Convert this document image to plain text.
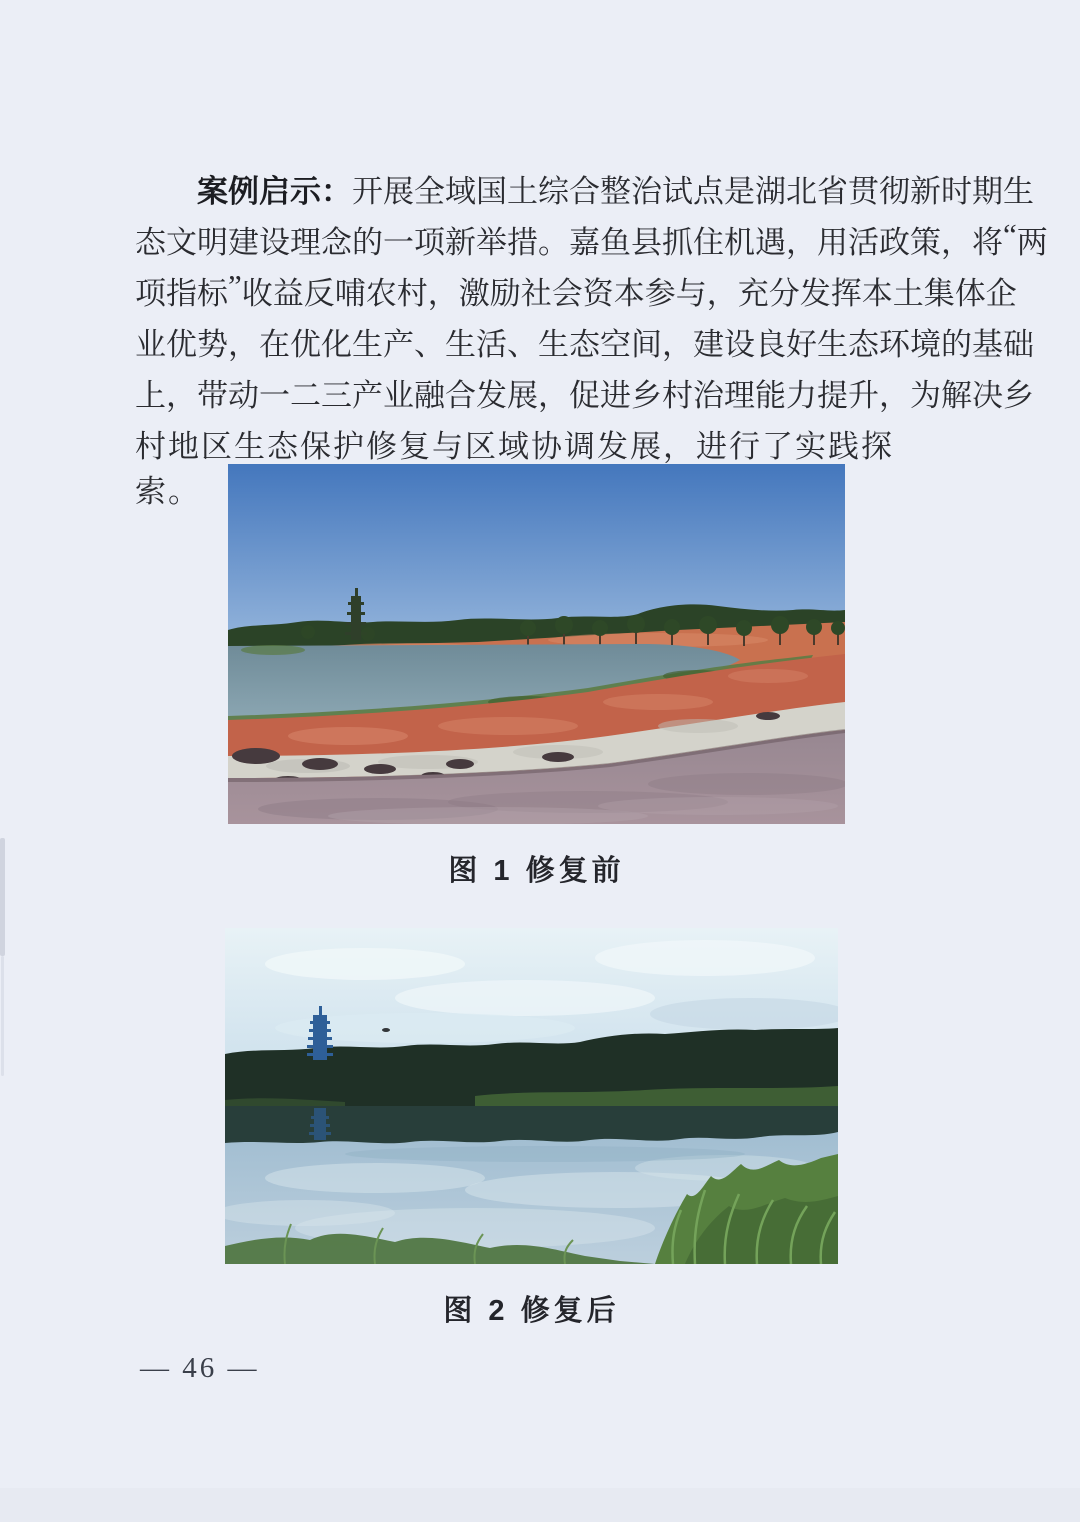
案 例 启 示 ： 开 展 全 域 国 土 综 合 整 治 试 点 是 湖 北 省 贯 彻 新 时 期 生
态 文 明 建 设 理 念 的 一 项 新 举 措 。 嘉 鱼 县 抓 住 机 遇 ， 用 活 政 策 ， 将 “ 两
项 指 标 ” 收 益 反 哺 农 村 ， 激 励 社 会 资 本 参 与 ， 充 分 发 挥 本 土 集 体 企
业 优 势 ， 在 优 化 生 产 、 生 活 、 生 态 空 间 ， 建 设 良 好 生 态 环 境 的 基 础
上 ， 带 动 一 二 三 产 业 融 合 发 展 ， 促 进 乡 村 治 理 能 力 提 升 ， 为 解 决 乡
村地区生态保护修复与区域协调发展，进行了实践探索。
图 1 修复前
图 2 修复后
— 46 —
